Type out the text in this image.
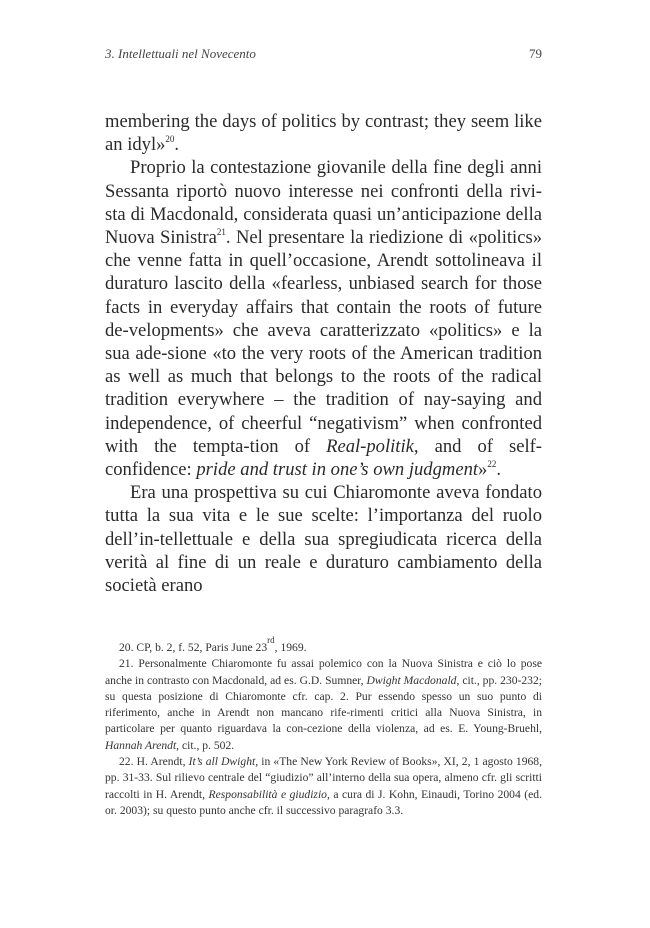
3. Intellettuali nel Novecento	79

membering the days of politics by contrast; they seem like an idyl»$^{20}$.

Proprio la contestazione giovanile della fine degli anni Sessanta riportò nuovo interesse nei confronti della rivi-sta di Macdonald, considerata quasi un’anticipazione della Nuova Sinistra$^{21}$. Nel presentare la riedizione di «politics» che venne fatta in quell’occasione, Arendt sottolineava il duraturo lascito della «fearless, unbiased search for those facts in everyday affairs that contain the roots of future de-velopments» che aveva caratterizzato «politics» e la sua ade-sione «to the very roots of the American tradition as well as much that belongs to the roots of the radical tradition everywhere – the tradition of nay-saying and independence, of cheerful “negativism” when confronted with the tempta-tion of Real-politik, and of self-confidence: pride and trust in one’s own judgment»$^{22}$.

Era una prospettiva su cui Chiaromonte aveva fondato tutta la sua vita e le sue scelte: l’importanza del ruolo dell’in-tellettuale e della sua spregiudicata ricerca della verità al fine di un reale e duraturo cambiamento della società erano

20. CP, b. 2, f. 52, Paris June 23rd, 1969.

21. Personalmente Chiaromonte fu assai polemico con la Nuova Sinistra e ciò lo pose anche in contrasto con Macdonald, ad es. G.D. Sumner, Dwight Macdonald, cit., pp. 230-232; su questa posizione di Chiaromonte cfr. cap. 2. Pur essendo spesso un suo punto di riferimento, anche in Arendt non mancano rife-rimenti critici alla Nuova Sinistra, in particolare per quanto riguardava la con-cezione della violenza, ad es. E. Young-Bruehl, Hannah Arendt, cit., p. 502.

22. H. Arendt, It’s all Dwight, in «The New York Review of Books», XI, 2, 1 agosto 1968, pp. 31-33. Sul rilievo centrale del “giudizio” all’interno della sua opera, almeno cfr. gli scritti raccolti in H. Arendt, Responsabilità e giudizio, a cura di J. Kohn, Einaudi, Torino 2004 (ed. or. 2003); su questo punto anche cfr. il successivo paragrafo 3.3.
